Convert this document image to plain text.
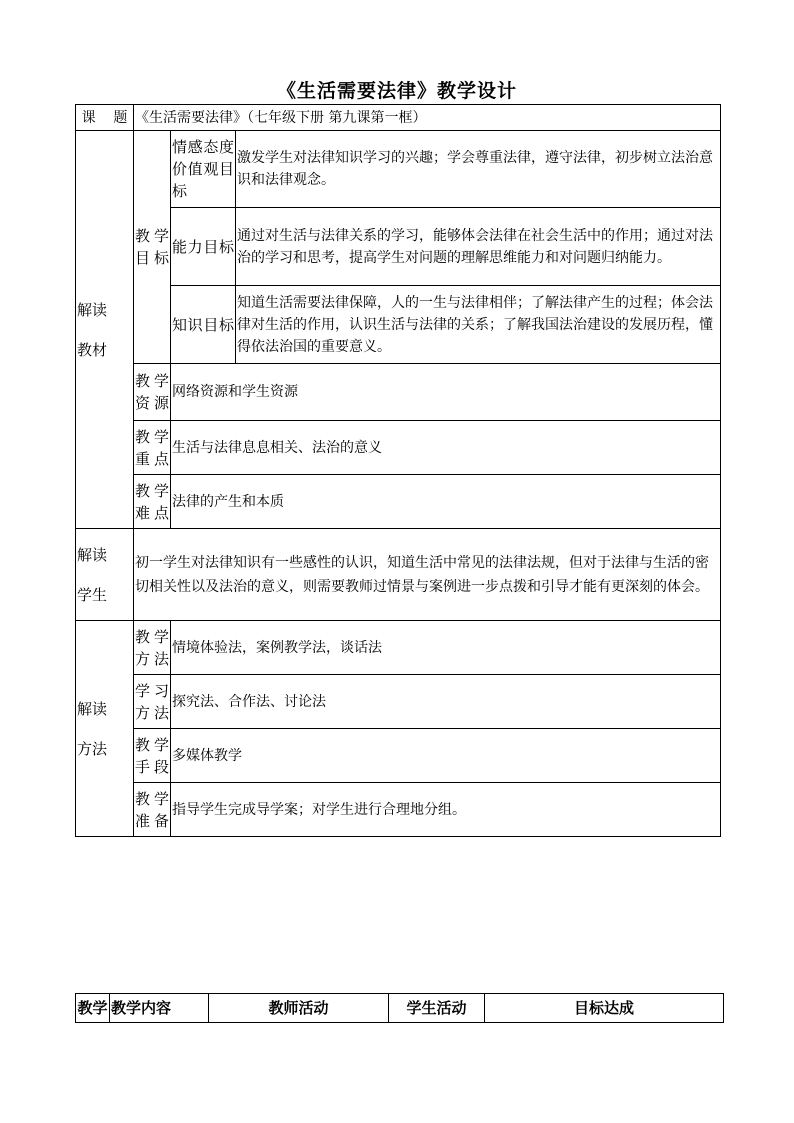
《生活需要法律》教学设计
课    题	《生活需要法律》（七年级下册 第九课第一框）		
解读

教材	教学目标	情感态度价值观目标	激发学生对法律知识学习的兴趣；学会尊重法律，遵守法律，初步树立法治意识和法律观念。
		能力目标	通过对生活与法律关系的学习，能够体会法律在社会生活中的作用；通过对法治的学习和思考，提高学生对问题的理解思维能力和对问题归纳能力。
		知识目标	知道生活需要法律保障，人的一生与法律相伴；了解法律产生的过程；体会法律对生活的作用，认识生活与法律的关系；了解我国法治建设的发展历程，懂得依法治国的重要意义。
	教学资源	网络资源和学生资源	
	教学重点	生活与法律息息相关、法治的意义	
	教学难点	法律的产生和本质	
解读

学生	初一学生对法律知识有一些感性的认识，知道生活中常见的法律法规，但对于法律与生活的密切相关性以及法治的意义，则需要教师过情景与案例进一步点拨和引导才能有更深刻的体会。		
解读

方法	教学方法	情境体验法，案例教学法，谈话法	
	学习方法	探究法、合作法、讨论法	
	教学手段	多媒体教学	
	教学准备	指导学生完成导学案；对学生进行合理地分组。	
教学	教学内容	教师活动	学生活动	目标达成
